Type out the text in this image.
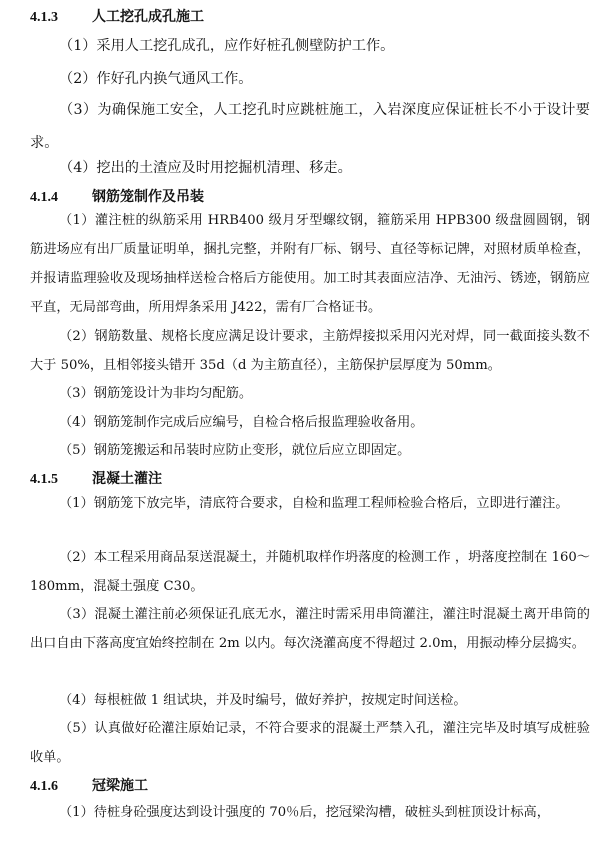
4.1.3 人工挖孔成孔施工
（1）采用人工挖孔成孔，应作好桩孔侧壁防护工作。
（2）作好孔内换气通风工作。
（3）为确保施工安全，人工挖孔时应跳桩施工，入岩深度应保证桩长不小于设计要求。
（4）挖出的土渣应及时用挖掘机清理、移走。
4.1.4 钢筋笼制作及吊装
（1）灌注桩的纵筋采用 HRB400 级月牙型螺纹钢，箍筋采用 HPB300 级盘圆圆钢，钢筋进场应有出厂质量证明单，捆扎完整，并附有厂标、钢号、直径等标记牌，对照材质单检查，并报请监理验收及现场抽样送检合格后方能使用。加工时其表面应洁净、无油污、锈迹，钢筋应平直，无局部弯曲，所用焊条采用 J422，需有厂合格证书。
（2）钢筋数量、规格长度应满足设计要求，主筋焊接拟采用闪光对焊，同一截面接头数不大于 50%，且相邻接头错开 35d（d 为主筋直径），主筋保护层厚度为 50mm。
（3）钢筋笼设计为非均匀配筋。
（4）钢筋笼制作完成后应编号，自检合格后报监理验收备用。
（5）钢筋笼搬运和吊装时应防止变形，就位后应立即固定。
4.1.5 混凝土灌注
（1）钢筋笼下放完毕，清底符合要求，自检和监理工程师检验合格后，立即进行灌注。
（2）本工程采用商品泵送混凝土，并随机取样作坍落度的检测工作 ，坍落度控制在 160～180mm，混凝土强度 C30。
（3）混凝土灌注前必须保证孔底无水，灌注时需采用串筒灌注，灌注时混凝土离开串筒的出口自由下落高度宜始终控制在 2m 以内。每次浇灌高度不得超过 2.0m，用振动棒分层捣实。
（4）每根桩做 1 组试块，并及时编号，做好养护，按规定时间送检。
（5）认真做好砼灌注原始记录，不符合要求的混凝土严禁入孔，灌注完毕及时填写成桩验收单。
4.1.6 冠梁施工
（1）待桩身砼强度达到设计强度的 70％后，挖冠梁沟槽，破桩头到桩顶设计标高，
